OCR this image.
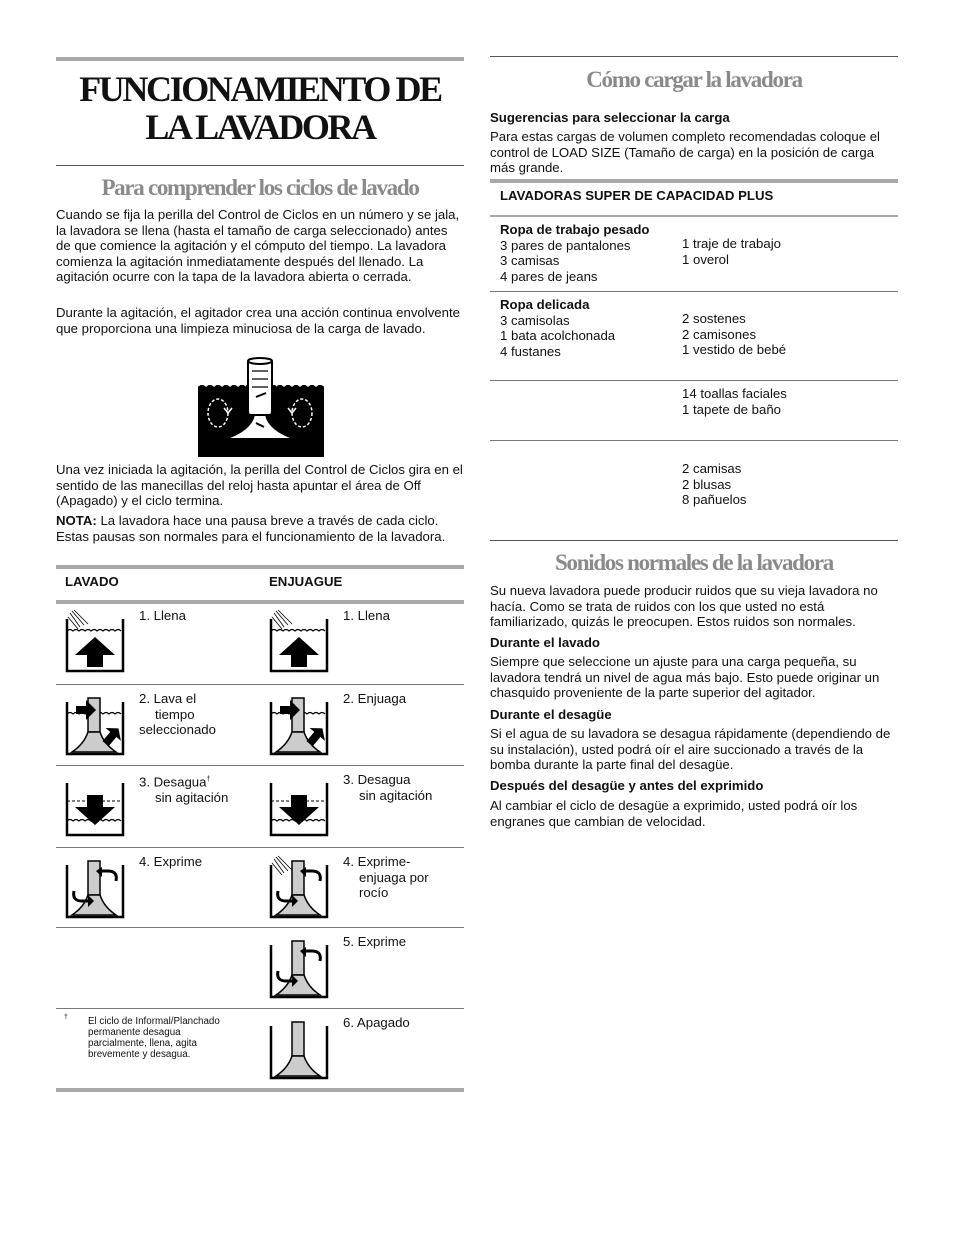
FUNCIONAMIENTO DE
LA LAVADORA
Para comprender los ciclos de lavado
Cuando se fija la perilla del Control de Ciclos en un número y se jala, la lavadora se llena (hasta el tamaño de carga seleccionado) antes de que comience la agitación y el cómputo del tiempo. La lavadora comienza la agitación inmediatamente después del llenado. La agitación ocurre con la tapa de la lavadora abierta o cerrada.
Durante la agitación, el agitador crea una acción continua envolvente que proporciona una limpieza minuciosa de la carga de lavado.
Una vez iniciada la agitación, la perilla del Control de Ciclos gira en el sentido de las manecillas del reloj hasta apuntar el área de Off (Apagado) y el ciclo termina.
NOTA: La lavadora hace una pausa breve a través de cada ciclo. Estas pausas son normales para el funcionamiento de la lavadora.
LAVADO	ENJUAGUE
1. Llena
2. Lava el
tiempo
seleccionado
3. Desagua†
sin agitación
4. Exprime
1. Llena
2. Enjuaga
3. Desagua
sin agitación
4. Exprime-
enjuaga por
rocío
5. Exprime
6. Apagado
† El ciclo de Informal/Planchado
permanente desagua
parcialmente, llena, agita
brevemente y desagua.
Cómo cargar la lavadora
Sugerencias para seleccionar la carga
Para estas cargas de volumen completo recomendadas coloque el control de LOAD SIZE (Tamaño de carga) en la posición de carga más grande.
LAVADORAS SUPER DE CAPACIDAD PLUS
Ropa de trabajo pesado
3 pares de pantalones
3 camisas
4 pares de jeans
1 traje de trabajo
1 overol
Ropa delicada
3 camisolas
1 bata acolchonada
4 fustanes
2 sostenes
2 camisones
1 vestido de bebé
14 toallas faciales
1 tapete de baño
2 camisas
2 blusas
8 pañuelos
Sonidos normales de la lavadora
Su nueva lavadora puede producir ruidos que su vieja lavadora no hacía. Como se trata de ruidos con los que usted no está familiarizado, quizás le preocupen. Estos ruidos son normales.
Durante el lavado
Siempre que seleccione un ajuste para una carga pequeña, su lavadora tendrá un nivel de agua más bajo. Esto puede originar un chasquido proveniente de la parte superior del agitador.
Durante el desagüe
Si el agua de su lavadora se desagua rápidamente (dependiendo de su instalación), usted podrá oír el aire succionado a través de la bomba durante la parte final del desagüe.
Después del desagüe y antes del exprimido
Al cambiar el ciclo de desagüe a exprimido, usted podrá oír los engranes que cambian de velocidad.
